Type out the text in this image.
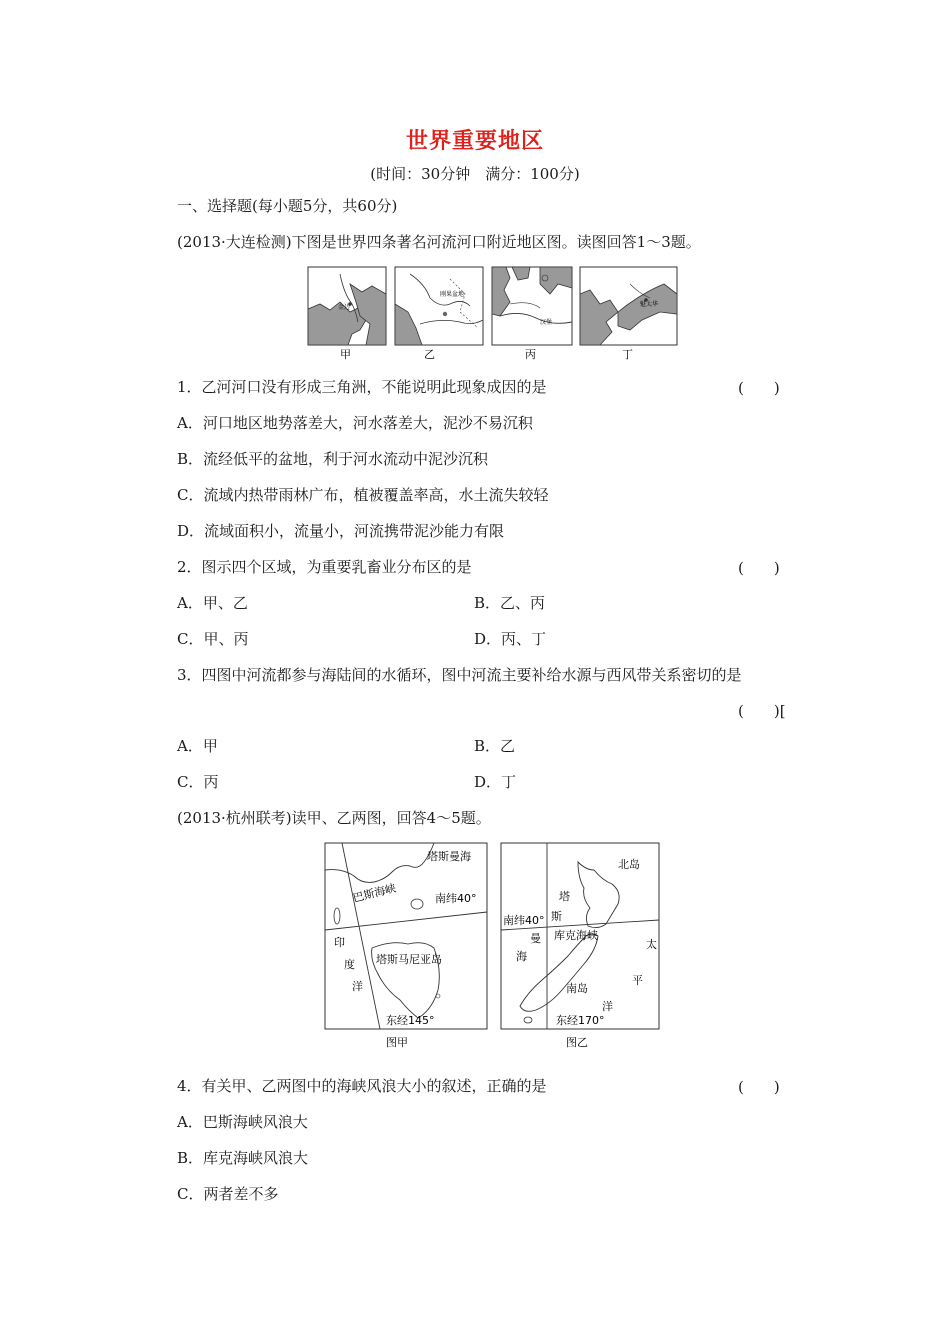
世界重要地区
(时间：30分钟　满分：100分)
一、选择题(每小题5分，共60分)
(2013·大连检测)下图是世界四条著名河流河口附近地区图。读图回答1～3题。
金边
刚果盆地
汉堡
魁太华
甲	乙	丙	丁
1．乙河河口没有形成三角洲，不能说明此现象成因的是	(　　)
A．河口地区地势落差大，河水落差大，泥沙不易沉积
B．流经低平的盆地，利于河水流动中泥沙沉积
C．流域内热带雨林广布，植被覆盖率高，水土流失较轻
D．流域面积小，流量小，河流携带泥沙能力有限
2．图示四个区域，为重要乳畜业分布区的是	(　　)
A．甲、乙	B．乙、丙
C．甲、丙	D．丙、丁
3．四图中河流都参与海陆间的水循环，图中河流主要补给水源与西风带关系密切的是
(　　)[
A．甲	B．乙
C．丙	D．丁
(2013·杭州联考)读甲、乙两图，回答4～5题。
塔斯曼海
巴斯海峡	南纬40°
塔斯马尼亚岛
印
度
洋
东经145°
图甲
北岛
塔
斯
曼
海
南纬40°
库克海峡
太
平
洋
南岛
东经170°
图乙
4．有关甲、乙两图中的海峡风浪大小的叙述，正确的是	(　　)
A．巴斯海峡风浪大
B．库克海峡风浪大
C．两者差不多
